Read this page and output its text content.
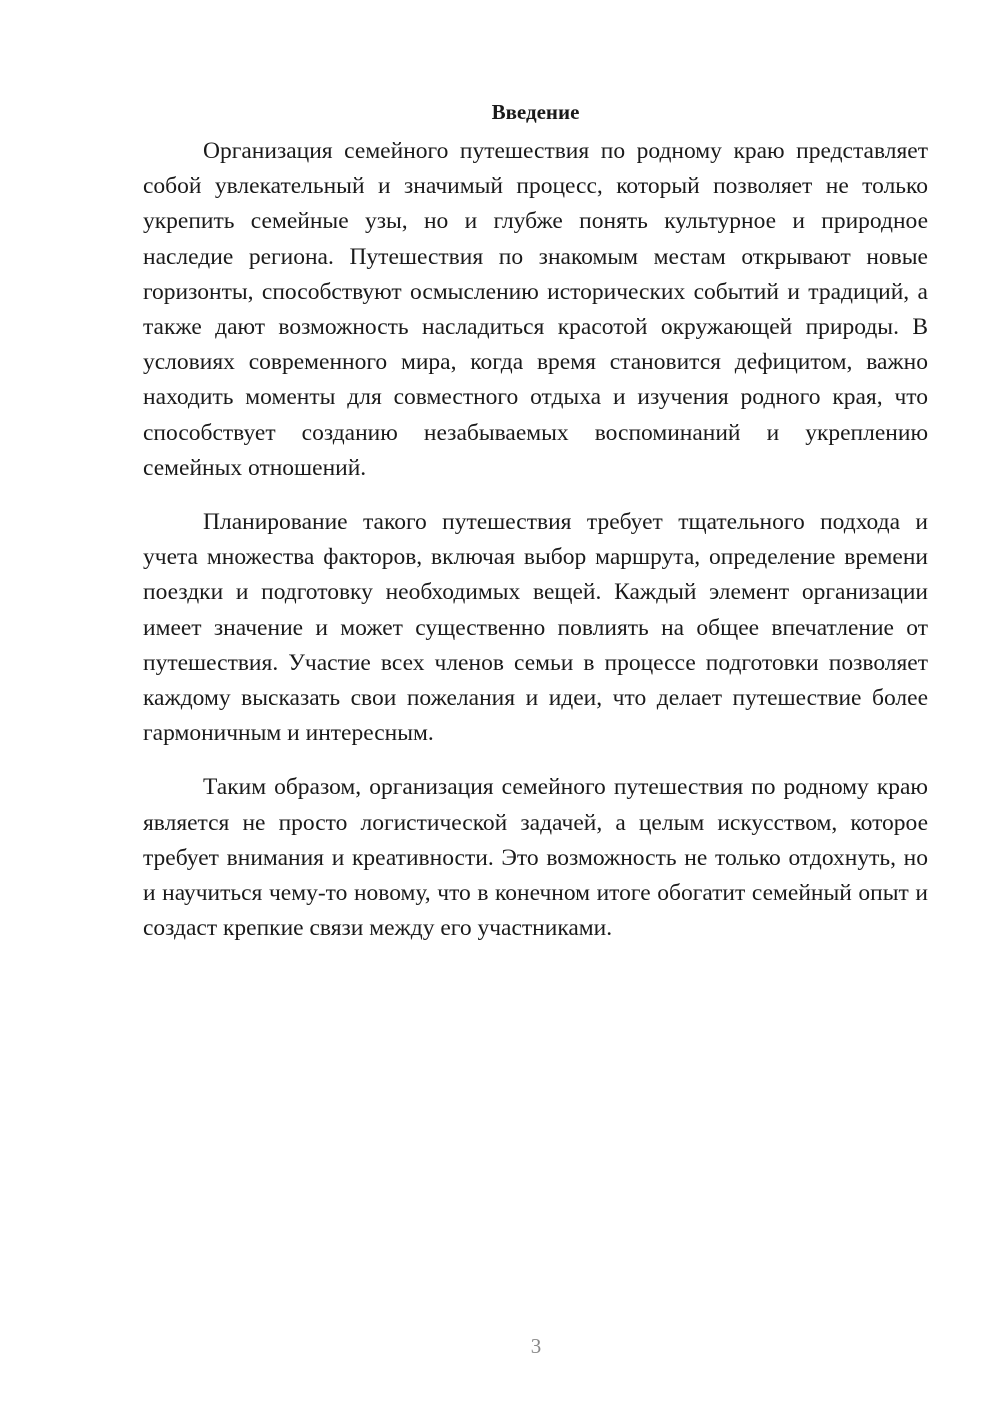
Введение

Организация семейного путешествия по родному краю представляет собой увлекательный и значимый процесс, который позволяет не только укрепить семейные узы, но и глубже понять культурное и природное наследие региона. Путешествия по знакомым местам открывают новые горизонты, способствуют осмыслению исторических событий и традиций, а также дают возможность насладиться красотой окружающей природы. В условиях современного мира, когда время становится дефицитом, важно находить моменты для совместного отдыха и изучения родного края, что способствует созданию незабываемых воспоминаний и укреплению семейных отношений.

Планирование такого путешествия требует тщательного подхода и учета множества факторов, включая выбор маршрута, определение времени поездки и подготовку необходимых вещей. Каждый элемент организации имеет значение и может существенно повлиять на общее впечатление от путешествия. Участие всех членов семьи в процессе подготовки позволяет каждому высказать свои пожелания и идеи, что делает путешествие более гармоничным и интересным.

Таким образом, организация семейного путешествия по родному краю является не просто логистической задачей, а целым искусством, которое требует внимания и креативности. Это возможность не только отдохнуть, но и научиться чему-то новому, что в конечном итоге обогатит семейный опыт и создаст крепкие связи между его участниками.

3
